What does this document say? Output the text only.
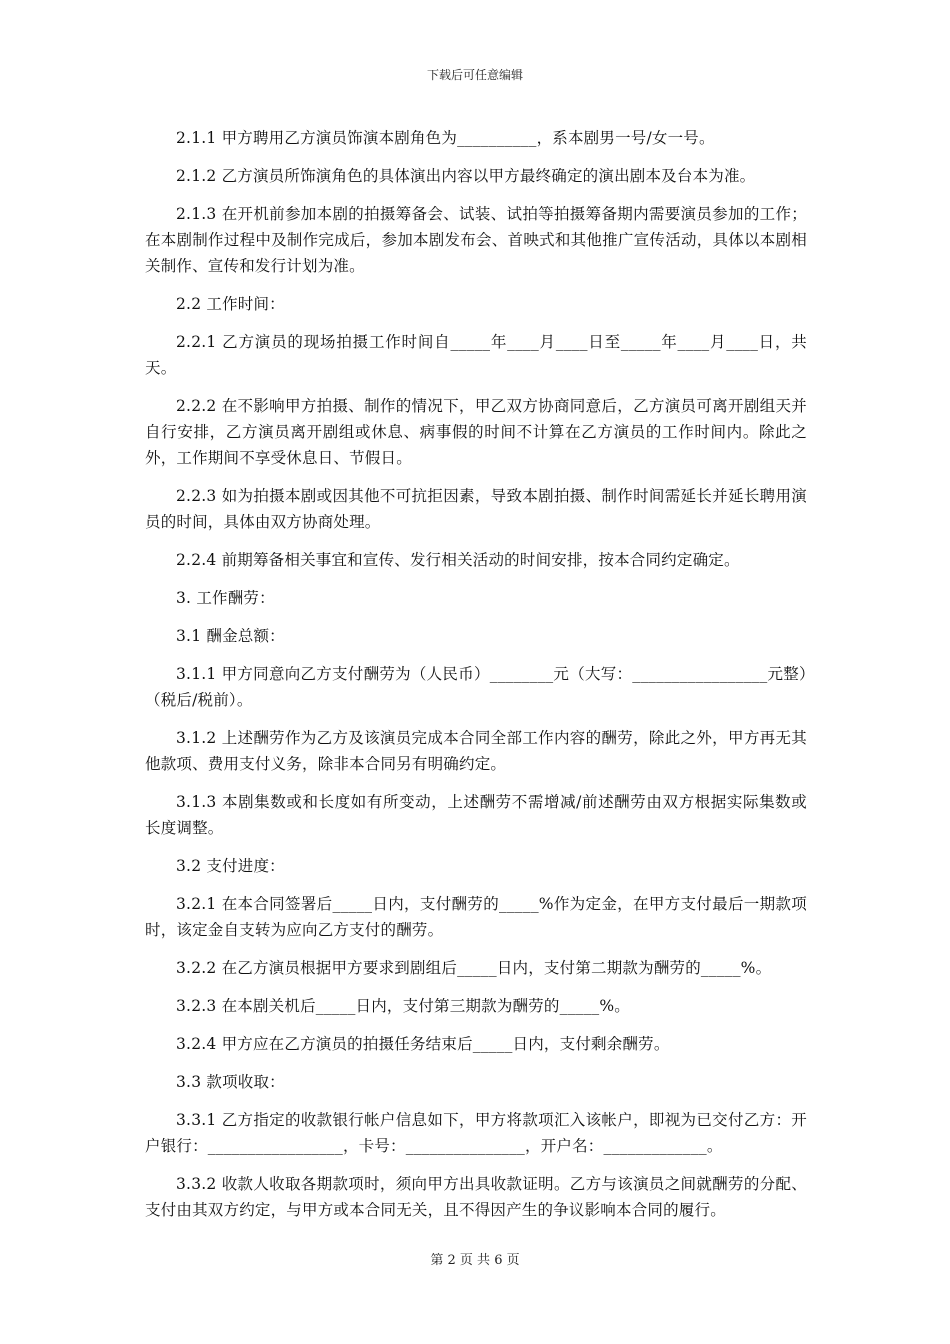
下载后可任意编辑

2.1.1 甲方聘用乙方演员饰演本剧角色为__________，系本剧男一号/女一号。

2.1.2 乙方演员所饰演角色的具体演出内容以甲方最终确定的演出剧本及台本为准。

2.1.3 在开机前参加本剧的拍摄筹备会、试装、试拍等拍摄筹备期内需要演员参加的工作；在本剧制作过程中及制作完成后，参加本剧发布会、首映式和其他推广宣传活动，具体以本剧相关制作、宣传和发行计划为准。

2.2 工作时间：

2.2.1 乙方演员的现场拍摄工作时间自_____年____月____日至_____年____月____日，共天。

2.2.2 在不影响甲方拍摄、制作的情况下，甲乙双方协商同意后，乙方演员可离开剧组天并自行安排，乙方演员离开剧组或休息、病事假的时间不计算在乙方演员的工作时间内。除此之外，工作期间不享受休息日、节假日。

2.2.3 如为拍摄本剧或因其他不可抗拒因素，导致本剧拍摄、制作时间需延长并延长聘用演员的时间，具体由双方协商处理。

2.2.4 前期筹备相关事宜和宣传、发行相关活动的时间安排，按本合同约定确定。

3. 工作酬劳：

3.1 酬金总额：

3.1.1 甲方同意向乙方支付酬劳为（人民币）________元（大写：_________________元整）（税后/税前）。

3.1.2 上述酬劳作为乙方及该演员完成本合同全部工作内容的酬劳，除此之外，甲方再无其他款项、费用支付义务，除非本合同另有明确约定。

3.1.3 本剧集数或和长度如有所变动，上述酬劳不需增减/前述酬劳由双方根据实际集数或长度调整。

3.2 支付进度：

3.2.1 在本合同签署后_____日内，支付酬劳的_____%作为定金，在甲方支付最后一期款项时，该定金自支转为应向乙方支付的酬劳。

3.2.2 在乙方演员根据甲方要求到剧组后_____日内，支付第二期款为酬劳的_____%。

3.2.3 在本剧关机后_____日内，支付第三期款为酬劳的_____%。

3.2.4 甲方应在乙方演员的拍摄任务结束后_____日内，支付剩余酬劳。

3.3 款项收取：

3.3.1 乙方指定的收款银行帐户信息如下，甲方将款项汇入该帐户，即视为已交付乙方：开户银行：_________________，卡号：_______________，开户名：_____________。

3.3.2 收款人收取各期款项时，须向甲方出具收款证明。乙方与该演员之间就酬劳的分配、支付由其双方约定，与甲方或本合同无关，且不得因产生的争议影响本合同的履行。

第 2 页 共 6 页
